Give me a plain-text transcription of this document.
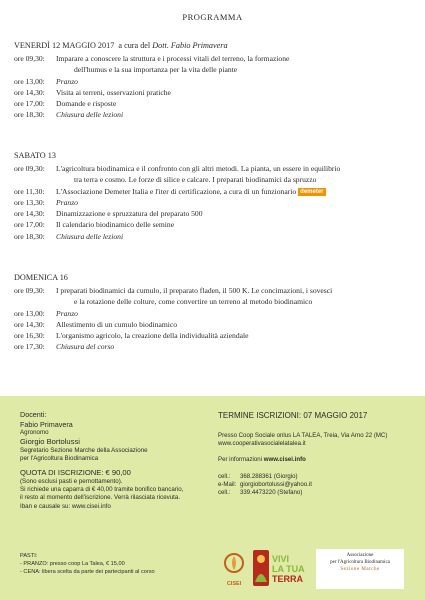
PROGRAMMA
VENERDÌ 12 MAGGIO 2017 a cura del Dott. Fabio Primavera
ore 09,30:	Imparare a conoscere la struttura e i processi vitali del terreno, la formazione
dell'humus e la sua importanza per la vita delle piante
ore 13,00:	Pranzo
ore 14,30:	Visita ai terreni, osservazioni pratiche
ore 17,00:	Domande e risposte
ore 18,30:	Chiusura delle lezioni
SABATO 13
ore 09,30:	L'agricoltura biodinamica e il confronto con gli altri metodi. La pianta, un essere in equilibrio
tra terra e cosmo. Le forze di silice e calcare. I preparati biodinamici da spruzzo
ore 11,30:	L'Associazione Demeter Italia e l'iter di certificazione, a cura di un funzionario demeter
ore 13,30:	Pranzo
ore 14,30:	Dinamizzazione e spruzzatura del preparato 500
ore 17,00:	Il calendario biodinamico delle semine
ore 18,30:	Chiusura delle lezioni
DOMENICA 16
ore 09,30:	I preparati biodinamici da cumulo, il preparato fladen, il 500 K. Le concimazioni, i sovesci
e la rotazione delle colture, come convertire un terreno al metodo biodinamico
ore 13,00:	Pranzo
ore 14,30:	Allestimento di un cumulo biodinamico
ore 16,30:	L'organismo agricolo, la creazione della individualità aziendale
ore 17,30:	Chiusura del corso
Docenti:
Fabio Primavera
Agronomo
Giorgio Bortolussi
Segretario Sezione Marche della Associazione
per l'Agricoltura Biodinamica
QUOTA DI ISCRIZIONE: € 90,00
(Sono esclusi pasti e pernottamento).
Si richiede una caparra di € 40,00 tramite bonifico bancario,
il resto al momento dell'iscrizione. Verrà rilasciata ricevuta.
Iban e causale su: www.cisei.info
TERMINE ISCRIZIONI: 07 MAGGIO 2017
Presso Coop Sociale onlus LA TALEA, Treia, Via Arno 22 (MC)
www.cooperativasocialelatalea.it
Per informazioni www.cisei.info
cell.:	368.288361 (Giorgio)
e-Mail: giorgiobortolussi@yahoo.it
cell.:	339.4473220 (Stefano)
PASTI:
- PRANZO: presso coop La Talea, € 15,00
- CENA: libera scelta da parte dei partecipanti al corso
CISEI
VIVI
LA TUA
TERRA
Associazione
per l'Agricoltura Biodinamica
Sezione Marche
